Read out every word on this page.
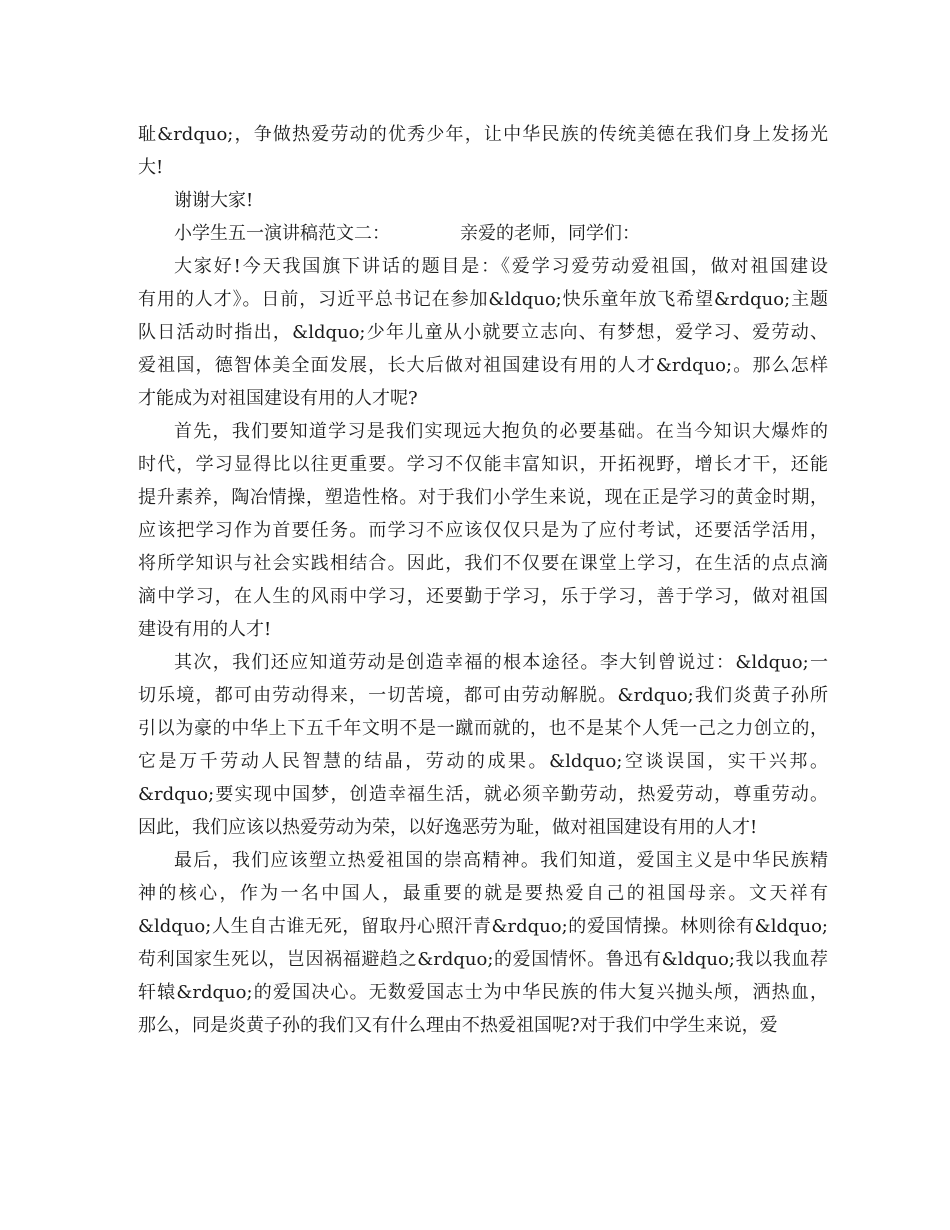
耻&rdquo;，争做热爱劳动的优秀少年，让中华民族的传统美德在我们身上发扬光
大!
谢谢大家!
小学生五一演讲稿范文二：	亲爱的老师，同学们：
大家好!今天我国旗下讲话的题目是：《爱学习爱劳动爱祖国，做对祖国建设
有用的人才》。日前，习近平总书记在参加&ldquo;快乐童年放飞希望&rdquo;主题
队日活动时指出，&ldquo;少年儿童从小就要立志向、有梦想，爱学习、爱劳动、
爱祖国，德智体美全面发展，长大后做对祖国建设有用的人才&rdquo;。那么怎样
才能成为对祖国建设有用的人才呢?
首先，我们要知道学习是我们实现远大抱负的必要基础。在当今知识大爆炸的
时代，学习显得比以往更重要。学习不仅能丰富知识，开拓视野，增长才干，还能
提升素养，陶冶情操，塑造性格。对于我们小学生来说，现在正是学习的黄金时期，
应该把学习作为首要任务。而学习不应该仅仅只是为了应付考试，还要活学活用，
将所学知识与社会实践相结合。因此，我们不仅要在课堂上学习，在生活的点点滴
滴中学习，在人生的风雨中学习，还要勤于学习，乐于学习，善于学习，做对祖国
建设有用的人才!
其次，我们还应知道劳动是创造幸福的根本途径。李大钊曾说过：&ldquo;一
切乐境，都可由劳动得来，一切苦境，都可由劳动解脱。&rdquo;我们炎黄子孙所
引以为豪的中华上下五千年文明不是一蹴而就的，也不是某个人凭一己之力创立的，
它是万千劳动人民智慧的结晶，劳动的成果。&ldquo;空谈误国，实干兴邦。
&rdquo;要实现中国梦，创造幸福生活，就必须辛勤劳动，热爱劳动，尊重劳动。
因此，我们应该以热爱劳动为荣，以好逸恶劳为耻，做对祖国建设有用的人才!
最后，我们应该塑立热爱祖国的崇高精神。我们知道，爱国主义是中华民族精
神的核心，作为一名中国人，最重要的就是要热爱自己的祖国母亲。文天祥有
&ldquo;人生自古谁无死，留取丹心照汗青&rdquo;的爱国情操。林则徐有&ldquo;
苟利国家生死以，岂因祸福避趋之&rdquo;的爱国情怀。鲁迅有&ldquo;我以我血荐
轩辕&rdquo;的爱国决心。无数爱国志士为中华民族的伟大复兴抛头颅，洒热血，
那么，同是炎黄子孙的我们又有什么理由不热爱祖国呢?对于我们中学生来说，爱
